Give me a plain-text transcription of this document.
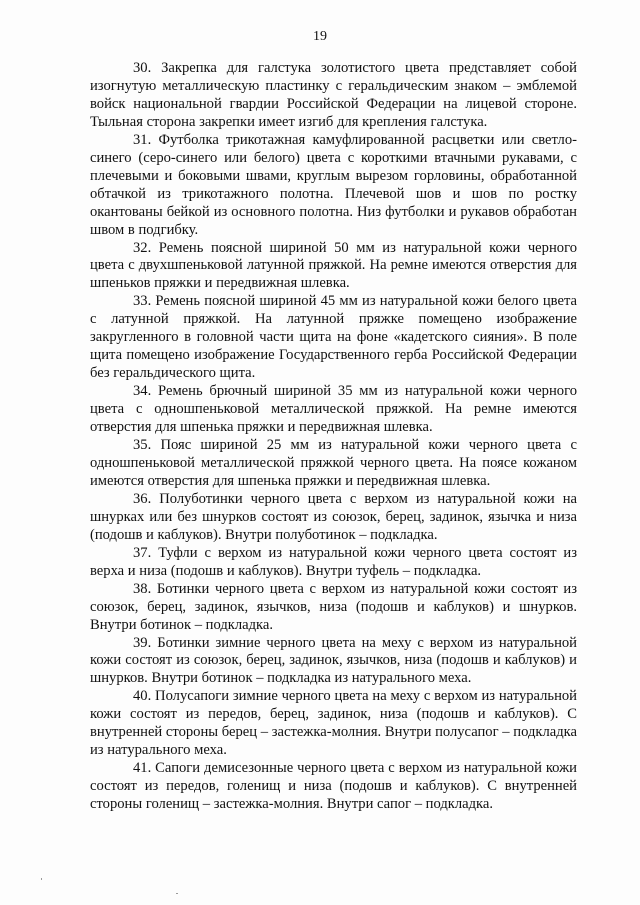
19

30. Закрепка для галстука золотистого цвета представляет собой изогнутую металлическую пластинку с геральдическим знаком – эмблемой войск национальной гвардии Российской Федерации на лицевой стороне. Тыльная сторона закрепки имеет изгиб для крепления галстука.

31. Футболка трикотажная камуфлированной расцветки или светло-синего (серо-синего или белого) цвета с короткими втачными рукавами, с плечевыми и боковыми швами, круглым вырезом горловины, обработанной обтачкой из трикотажного полотна. Плечевой шов и шов по ростку окантованы бейкой из основного полотна. Низ футболки и рукавов обработан швом в подгибку.

32. Ремень поясной шириной 50 мм из натуральной кожи черного цвета с двухшпеньковой латунной пряжкой. На ремне имеются отверстия для шпеньков пряжки и передвижная шлевка.

33. Ремень поясной шириной 45 мм из натуральной кожи белого цвета с латунной пряжкой. На латунной пряжке помещено изображение закругленного в головной части щита на фоне «кадетского сияния». В поле щита помещено изображение Государственного герба Российской Федерации без геральдического щита.

34. Ремень брючный шириной 35 мм из натуральной кожи черного цвета с одношпеньковой металлической пряжкой. На ремне имеются отверстия для шпенька пряжки и передвижная шлевка.

35. Пояс шириной 25 мм из натуральной кожи черного цвета с одношпеньковой металлической пряжкой черного цвета. На поясе кожаном имеются отверстия для шпенька пряжки и передвижная шлевка.

36. Полуботинки черного цвета с верхом из натуральной кожи на шнурках или без шнурков состоят из союзок, берец, задинок, язычка и низа (подошв и каблуков). Внутри полуботинок – подкладка.

37. Туфли с верхом из натуральной кожи черного цвета состоят из верха и низа (подошв и каблуков). Внутри туфель – подкладка.

38. Ботинки черного цвета с верхом из натуральной кожи состоят из союзок, берец, задинок, язычков, низа (подошв и каблуков) и шнурков. Внутри ботинок – подкладка.

39. Ботинки зимние черного цвета на меху с верхом из натуральной кожи состоят из союзок, берец, задинок, язычков, низа (подошв и каблуков) и шнурков. Внутри ботинок – подкладка из натурального меха.

40. Полусапоги зимние черного цвета на меху с верхом из натуральной кожи состоят из передов, берец, задинок, низа (подошв и каблуков). С внутренней стороны берец – застежка-молния. Внутри полусапог – подкладка из натурального меха.

41. Сапоги демисезонные черного цвета с верхом из натуральной кожи состоят из передов, голенищ и низа (подошв и каблуков). С внутренней стороны голенищ – застежка-молния. Внутри сапог – подкладка.
